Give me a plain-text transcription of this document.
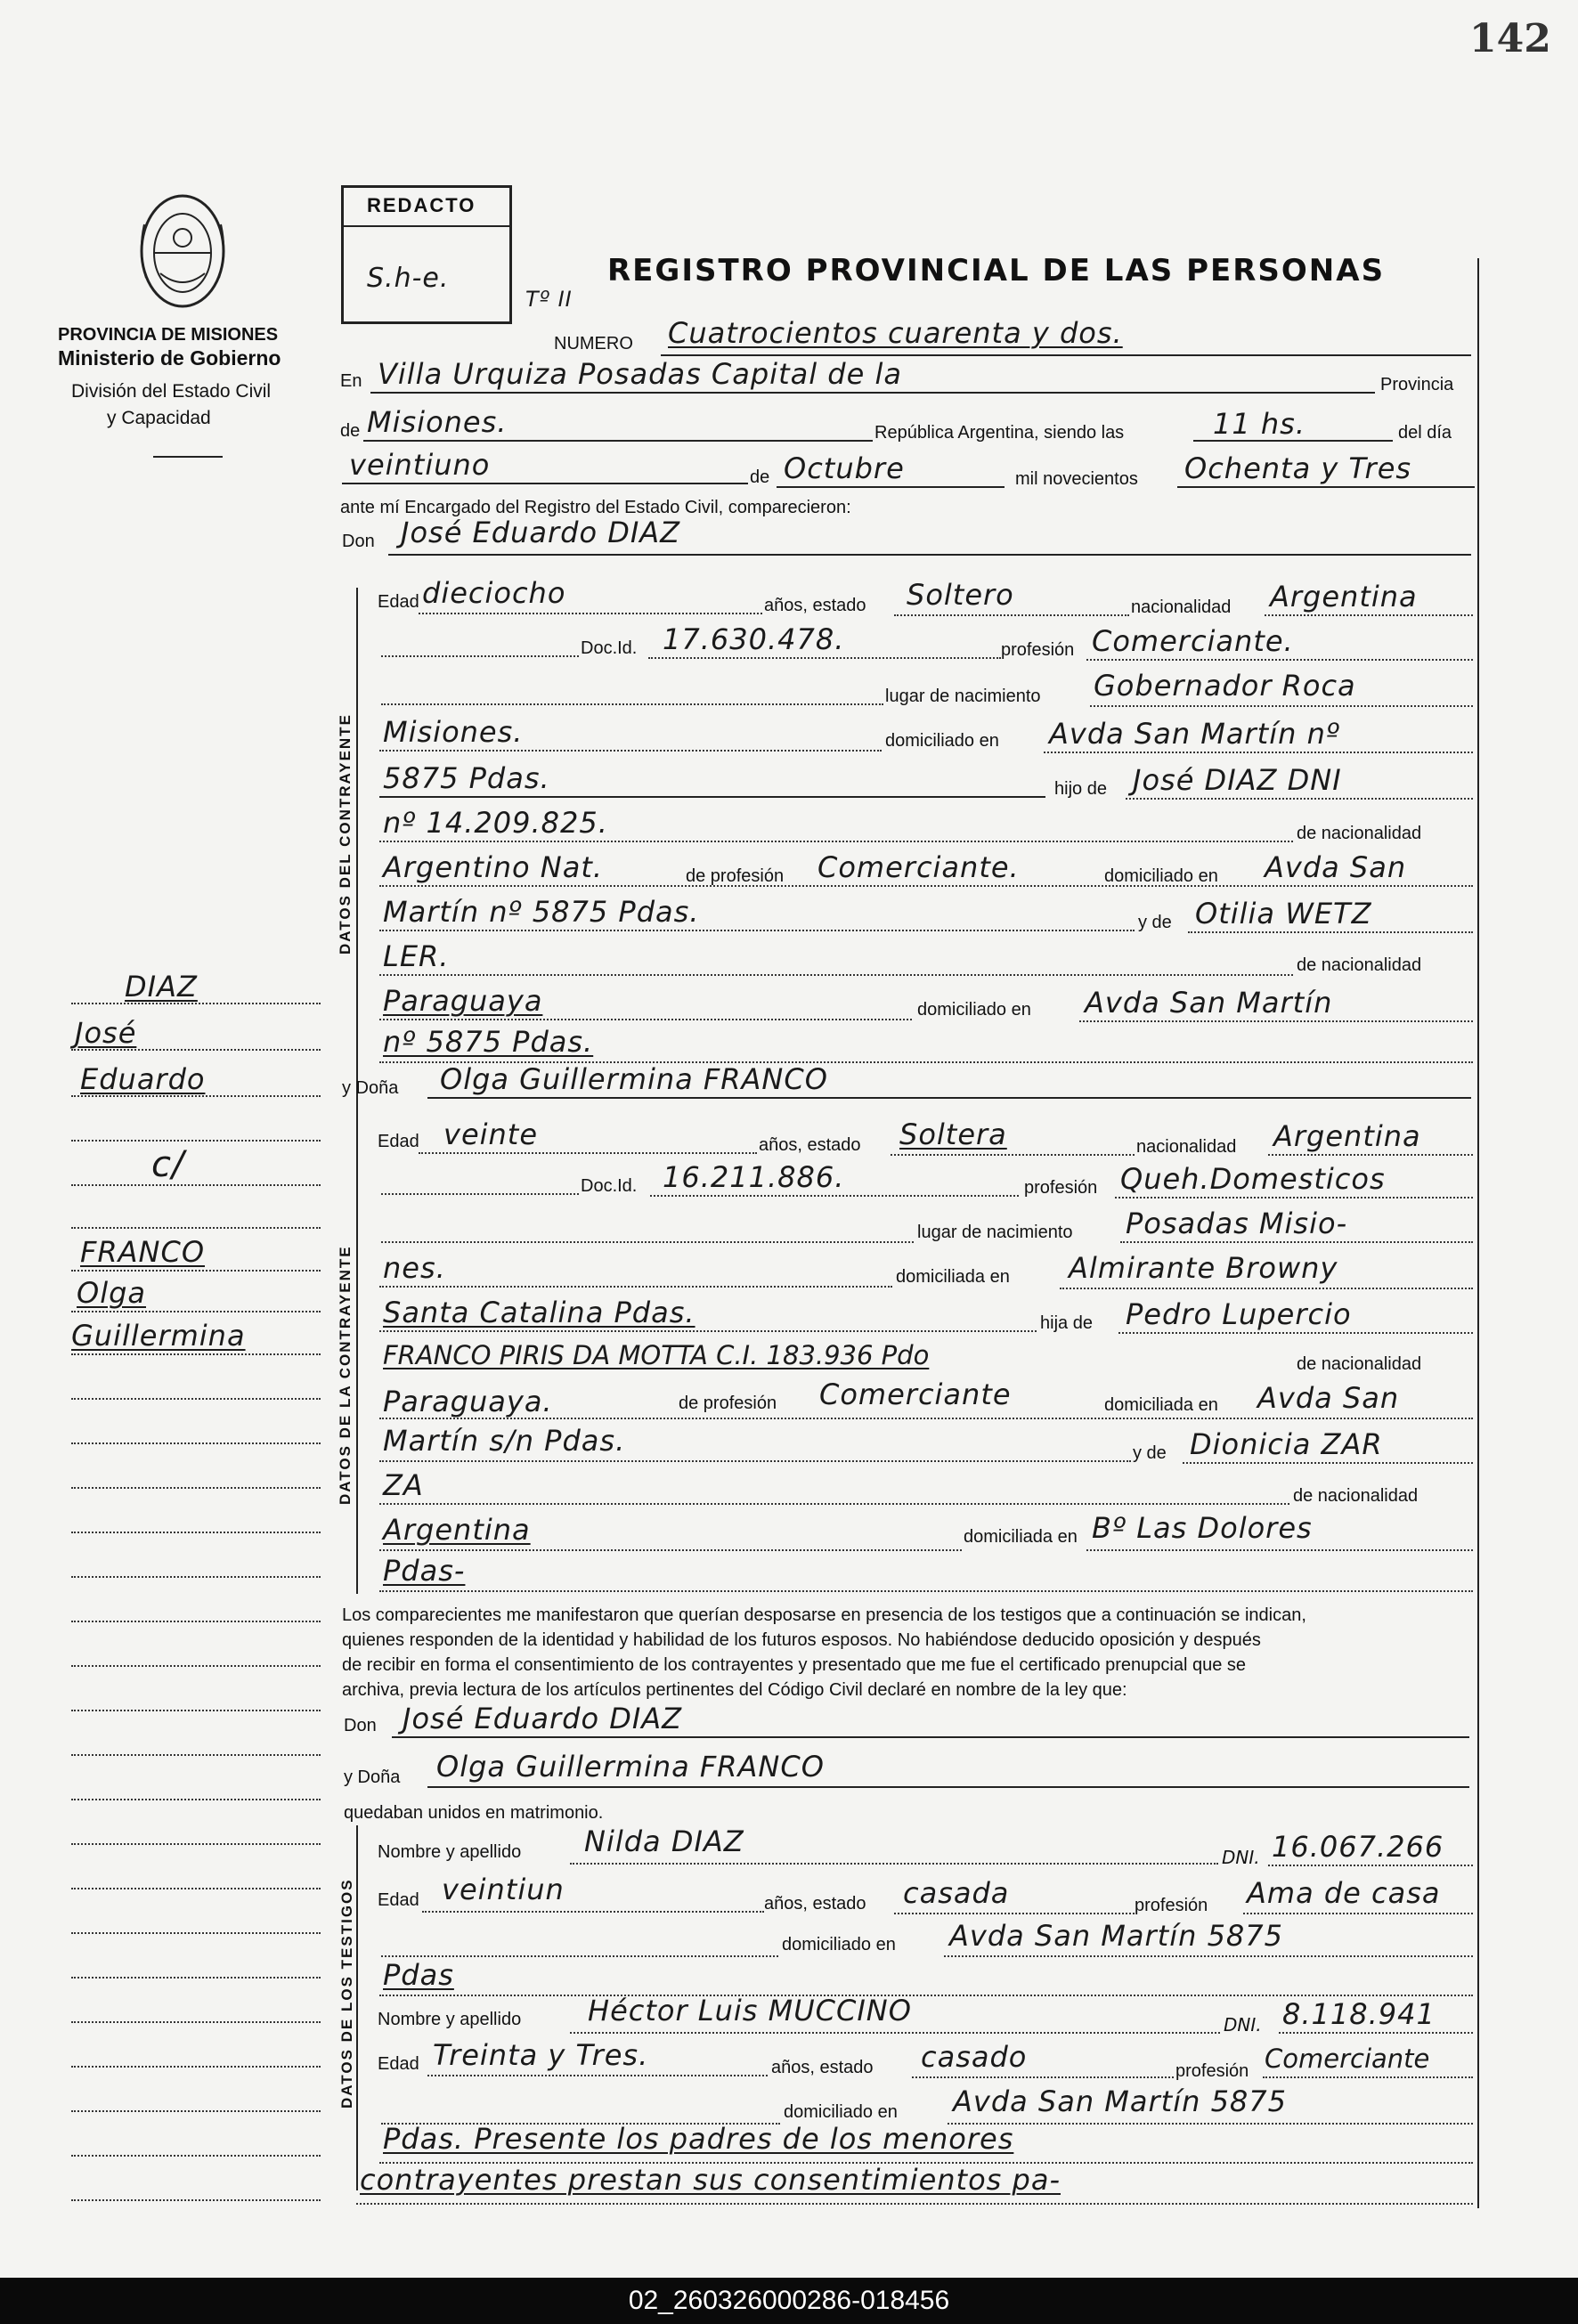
142
PROVINCIA DE MISIONES
Ministerio de Gobierno
División del Estado Civil
y Capacidad
REDACTO
S.h-e.
Tº II
REGISTRO PROVINCIAL DE LAS PERSONAS
NUMERO Cuatrocientos cuarenta y dos.
En Villa Urquiza Posadas Capital de la	Provincia
de Misiones.	República Argentina, siendo las	11 hs.	del día
veintiuno	de Octubre	mil novecientos Ochenta y Tres
ante mí Encargado del Registro del Estado Civil, comparecieron:
Don José Eduardo DIAZ
DATOS DEL CONTRAYENTE
Edad dieciocho	años, estado Soltero	nacionalidad Argentina
Doc.Id. 17.630.478.	profesión Comerciante.
lugar de nacimiento Gobernador Roca
Misiones.	domiciliado en Avda San Martín nº
5875 Pdas.	hijo de José DIAZ DNI
nº 14.209.825.	de nacionalidad
Argentino Nat.	de profesión Comerciante.	domiciliado en Avda San
Martín nº 5875 Pdas.	y de Otilia WETZ
LER.	de nacionalidad
Paraguaya	domiciliado en Avda San Martín
nº 5875 Pdas.
y Doña Olga Guillermina FRANCO
DATOS DE LA CONTRAYENTE
Edad veinte	años, estado Soltera	nacionalidad Argentina
Doc.Id. 16.211.886.	profesión Queh.Domesticos
lugar de nacimiento Posadas Misio-
nes.	domiciliada en Almirante Browny
Santa Catalina Pdas.	hija de Pedro Lupercio
FRANCO PIRIS DA MOTTA C.I. 183.936 Pdo	de nacionalidad
Paraguaya.	de profesión Comerciante	domiciliada en Avda San
Martín s/n Pdas.	y de Dionicia ZAR
ZA	de nacionalidad
Argentina	domiciliada en Bº Las Dolores
Pdas-
DIAZ
José
Eduardo
c/
FRANCO
Olga
Guillermina
Los comparecientes me manifestaron que querían desposarse en presencia de los testigos que a continuación se indican,
quienes responden de la identidad y habilidad de los futuros esposos. No habiéndose deducido oposición y después
de recibir en forma el consentimiento de los contrayentes y presentado que me fue el certificado prenupcial que se
archiva, previa lectura de los artículos pertinentes del Código Civil declaré en nombre de la ley que:
Don José Eduardo DIAZ
y Doña Olga Guillermina FRANCO
quedaban unidos en matrimonio.
DATOS DE LOS TESTIGOS
Nombre y apellido Nilda DIAZ	DNI. 16.067.266
Edad veintiun	años, estado casada	profesión Ama de casa
domiciliado en Avda San Martín 5875
Pdas
Nombre y apellido Héctor Luis MUCCINO	DNI. 8.118.941
Edad Treinta y Tres.	años, estado casado	profesión Comerciante
domiciliado en Avda San Martín 5875
Pdas. Presente los padres de los menores
contrayentes prestan sus consentimientos pa-
02_260326000286-018456
